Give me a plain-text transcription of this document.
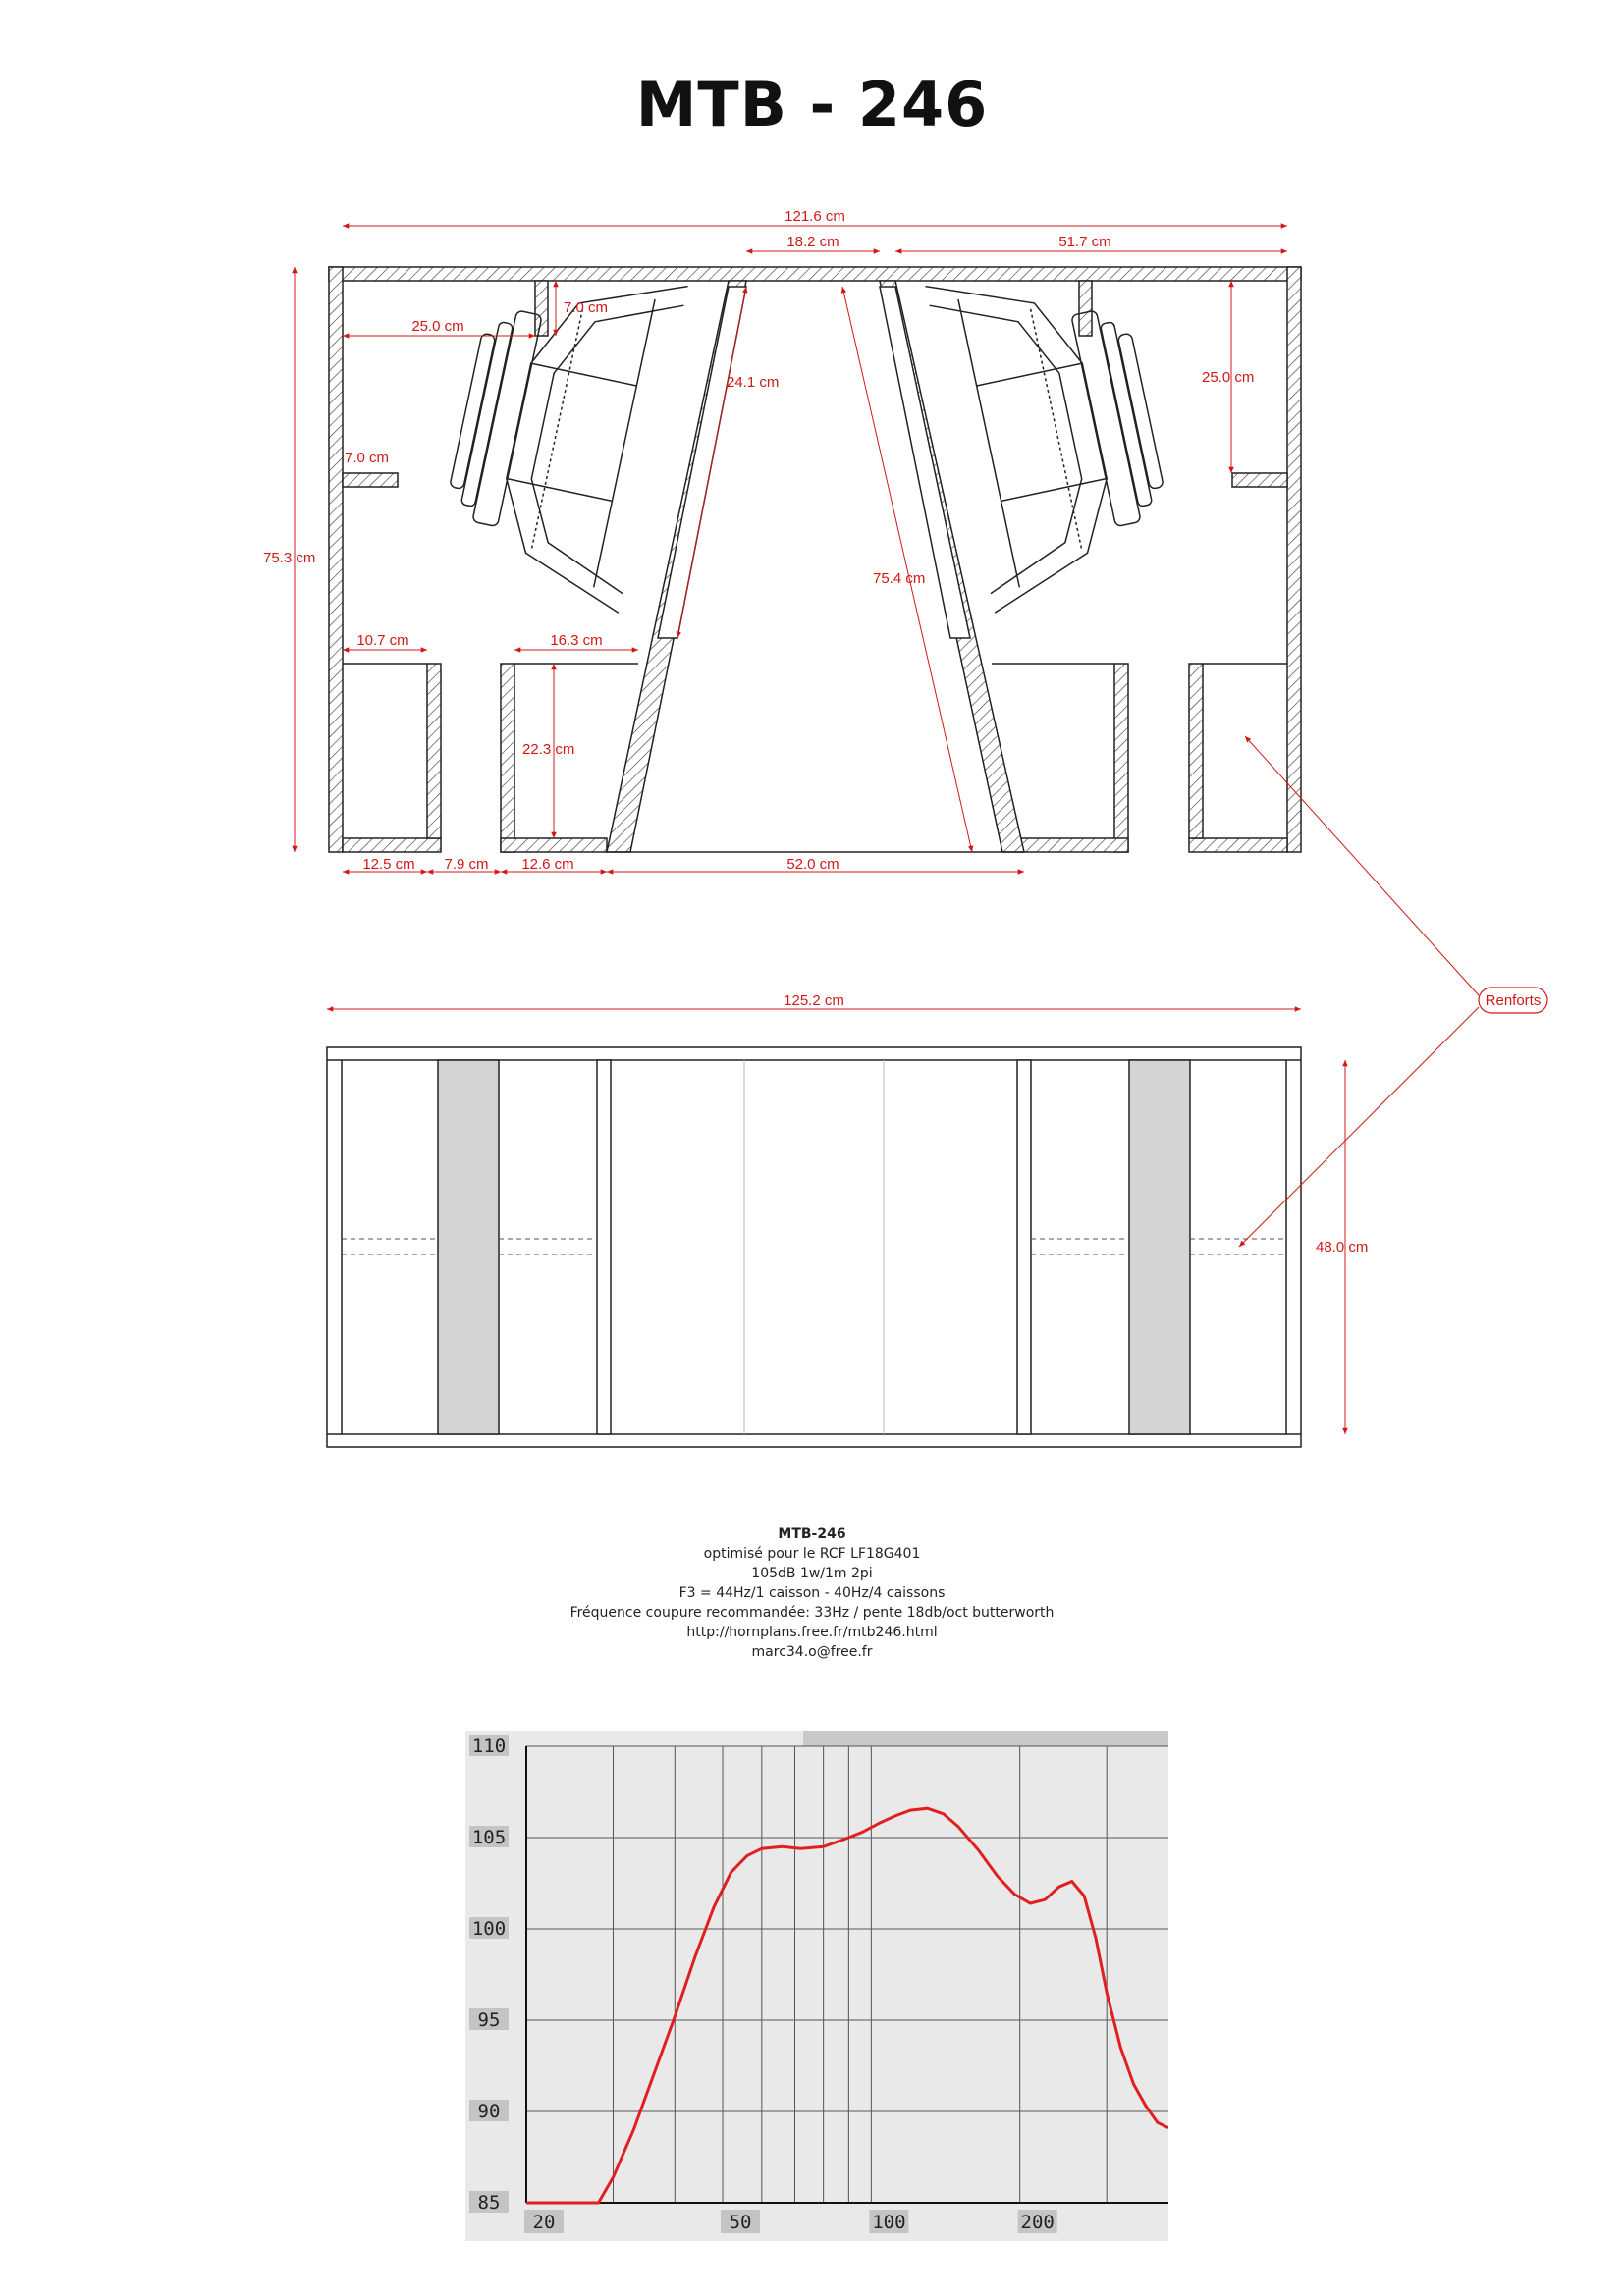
MTB - 246
121.6 cm
18.2 cm	51.7 cm
7.0 cm
25.0 cm
24.1 cm	25.0 cm
7.0 cm
75.3 cm
75.4 cm
10.7 cm	16.3 cm
22.3 cm
12.5 cm 7.9 cm 12.6 cm	52.0 cm
125.2 cm
48.0 cm
Renforts
MTB-246
optimisé pour le RCF LF18G401
105dB 1w/1m 2pi
F3 = 44Hz/1 caisson - 40Hz/4 caissons
Fréquence coupure recommandée: 33Hz / pente 18db/oct butterworth
http://hornplans.free.fr/mtb246.html
marc34.o@free.fr
110
105
100
95
90
85
20	50	100	200
